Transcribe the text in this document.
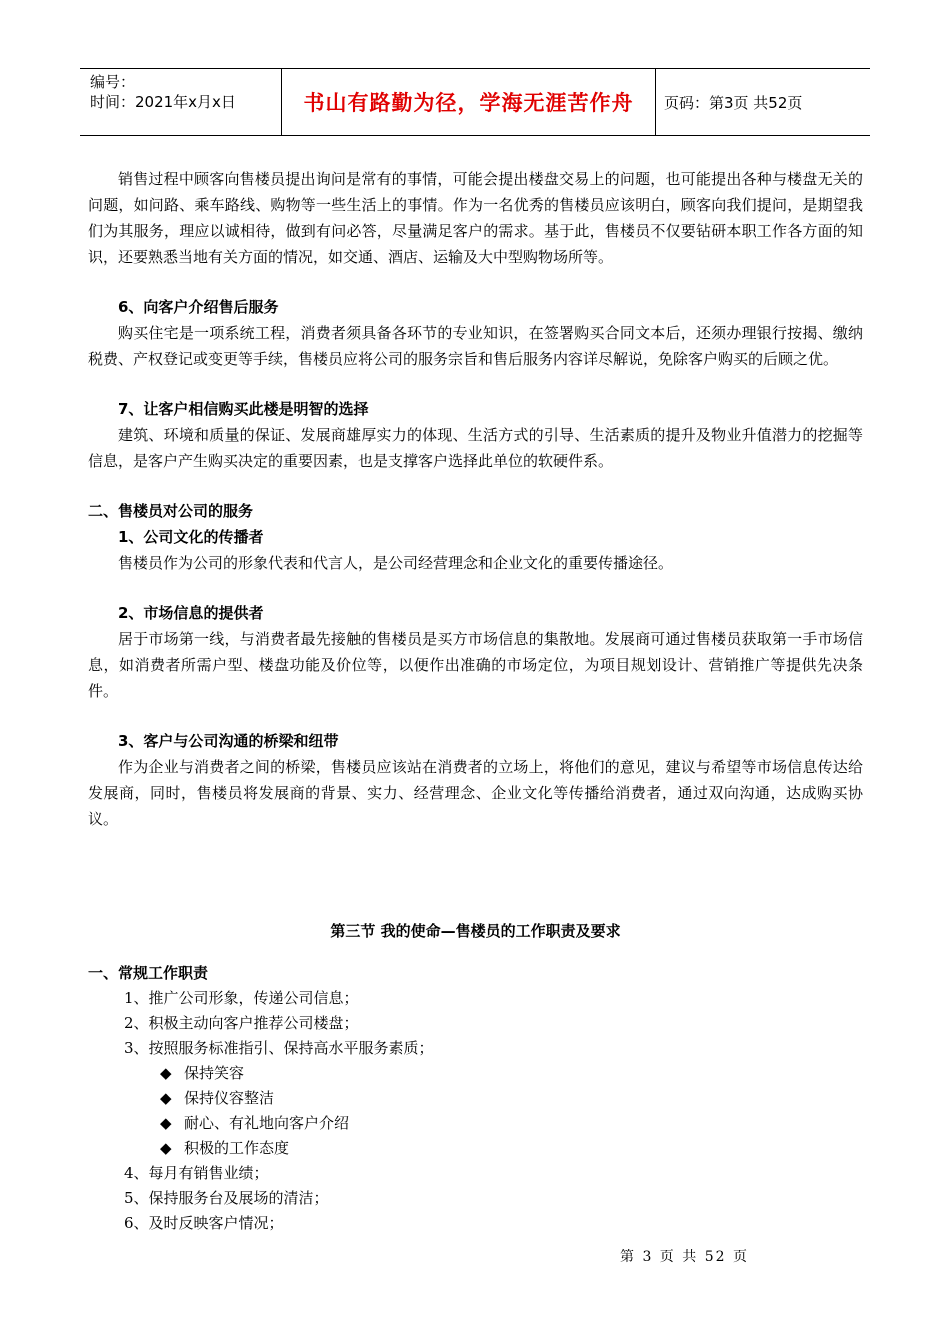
编号：
时间：2021年x月x日	书山有路勤为径，学海无涯苦作舟	页码：第3页 共52页

销售过程中顾客向售楼员提出询问是常有的事情，可能会提出楼盘交易上的问题，也可能提出各种与楼盘无关的问题，如问路、乘车路线、购物等一些生活上的事情。作为一名优秀的售楼员应该明白，顾客向我们提问，是期望我们为其服务，理应以诚相待，做到有问必答，尽量满足客户的需求。基于此，售楼员不仅要钻研本职工作各方面的知识，还要熟悉当地有关方面的情况，如交通、酒店、运输及大中型购物场所等。

6、向客户介绍售后服务

购买住宅是一项系统工程，消费者须具备各环节的专业知识，在签署购买合同文本后，还须办理银行按揭、缴纳税费、产权登记或变更等手续，售楼员应将公司的服务宗旨和售后服务内容详尽解说，免除客户购买的后顾之优。

7、让客户相信购买此楼是明智的选择

建筑、环境和质量的保证、发展商雄厚实力的体现、生活方式的引导、生活素质的提升及物业升值潜力的挖掘等信息，是客户产生购买决定的重要因素，也是支撑客户选择此单位的软硬件系。

二、售楼员对公司的服务

1、公司文化的传播者

售楼员作为公司的形象代表和代言人，是公司经营理念和企业文化的重要传播途径。

2、市场信息的提供者

居于市场第一线，与消费者最先接触的售楼员是买方市场信息的集散地。发展商可通过售楼员获取第一手市场信息，如消费者所需户型、楼盘功能及价位等，以便作出准确的市场定位，为项目规划设计、营销推广等提供先决条件。

3、客户与公司沟通的桥梁和纽带

作为企业与消费者之间的桥梁，售楼员应该站在消费者的立场上，将他们的意见，建议与希望等市场信息传达给发展商，同时，售楼员将发展商的背景、实力、经营理念、企业文化等传播给消费者，通过双向沟通，达成购买协议。

第三节 我的使命—售楼员的工作职责及要求

一、常规工作职责

1、推广公司形象，传递公司信息；
2、积极主动向客户推荐公司楼盘；
3、按照服务标准指引、保持高水平服务素质；
◆ 保持笑容
◆ 保持仪容整洁
◆ 耐心、有礼地向客户介绍
◆ 积极的工作态度
4、每月有销售业绩；
5、保持服务台及展场的清洁；
6、及时反映客户情况；
第 3 页 共 52 页
